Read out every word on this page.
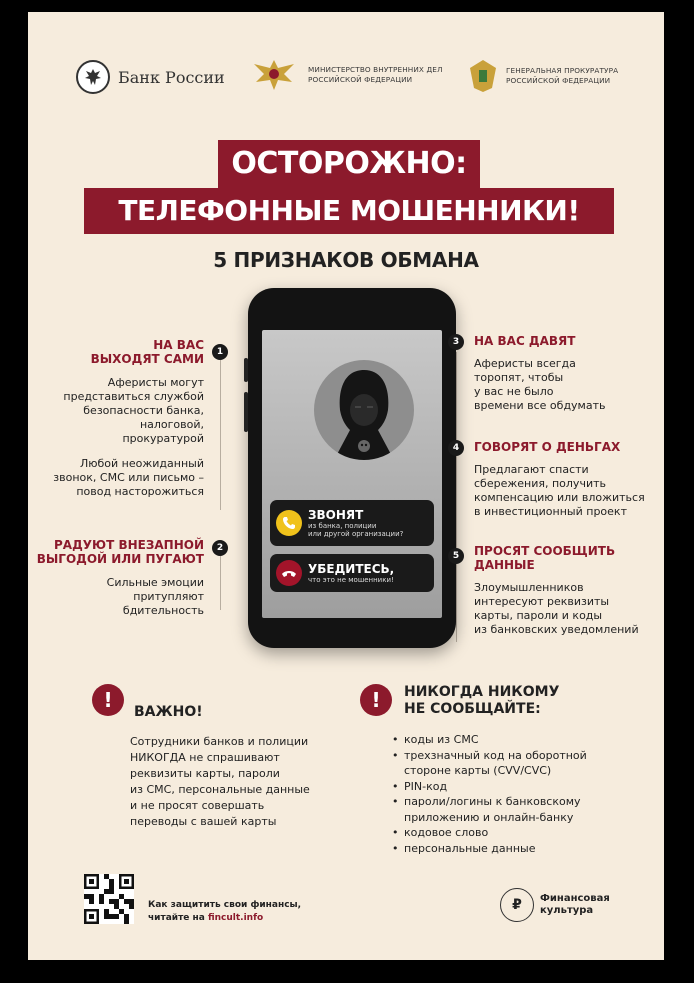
Банк России	МИНИСТЕРСТВО ВНУТРЕННИХ ДЕЛ
РОССИЙСКОЙ ФЕДЕРАЦИИ
ГЕНЕРАЛЬНАЯ ПРОКУРАТУРА
РОССИЙСКОЙ ФЕДЕРАЦИИ
ОСТОРОЖНО:
ТЕЛЕФОННЫЕ МОШЕННИКИ!
5 ПРИЗНАКОВ ОБМАНА
1
НА ВАС
ВЫХОДЯТ САМИ
Аферисты могут
представиться службой
безопасности банка,
налоговой,
прокуратурой
Любой неожиданный
звонок, СМС или письмо –
повод насторожиться
2
РАДУЮТ ВНЕЗАПНОЙ
ВЫГОДОЙ ИЛИ ПУГАЮТ
Сильные эмоции
притупляют
бдительность
ЗВОНЯТ
из банка, полиции
или другой организации?
УБЕДИТЕСЬ,
что это не мошенники!
3	НА ВАС ДАВЯТ
Аферисты всегда
торопят, чтобы
у вас не было
времени все обдумать
4	ГОВОРЯТ О ДЕНЬГАХ
Предлагают спасти
сбережения, получить
компенсацию или вложиться
в инвестиционный проект
5	ПРОСЯТ СООБЩИТЬ
ДАННЫЕ
Злоумышленников
интересуют реквизиты
карты, пароли и коды
из банковских уведомлений
!	ВАЖНО!
Сотрудники банков и полиции
НИКОГДА не спрашивают
реквизиты карты, пароли
из СМС, персональные данные
и не просят совершать
переводы с вашей карты
!	НИКОГДА НИКОМУ
НЕ СООБЩАЙТЕ:
• коды из СМС
• трехзначный код на оборотной стороне карты (CVV/CVC)
• PIN-код
• пароли/логины к банковскому приложению и онлайн-банку
• кодовое слово
• персональные данные
Как защитить свои финансы,
читайте на fincult.info
₽	Финансовая
культура
